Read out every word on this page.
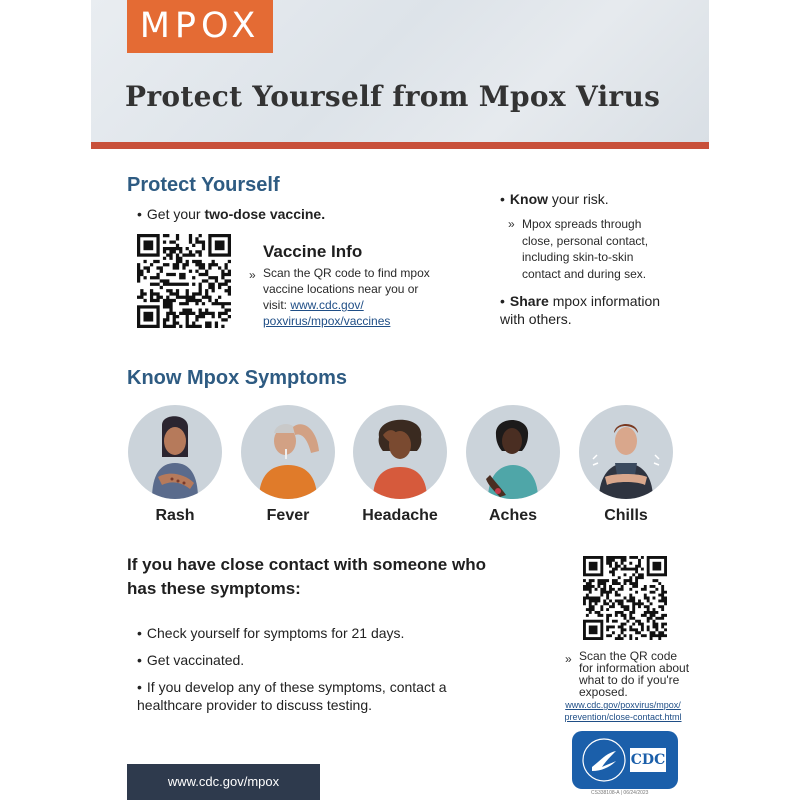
MPOX
Protect Yourself from Mpox Virus
Protect Yourself
• Get your two-dose vaccine.
Vaccine Info
» Scan the QR code to find mpox vaccine locations near you or visit: www.cdc.gov/
poxvirus/mpox/vaccines
• Know your risk.
» Mpox spreads through close, personal contact, including skin-to-skin contact and during sex.
• Share mpox information with others.
Know Mpox Symptoms
Rash	Fever	Headache	Aches	Chills
If you have close contact with someone who has these symptoms:
• Check yourself for symptoms for 21 days.
• Get vaccinated.
• If you develop any of these symptoms, contact a healthcare provider to discuss testing.
» Scan the QR code for information about what to do if you're exposed.
www.cdc.gov/poxvirus/mpox/
prevention/close-contact.html
www.cdc.gov/mpox
CDC
CS338108-A | 06/24/2023
